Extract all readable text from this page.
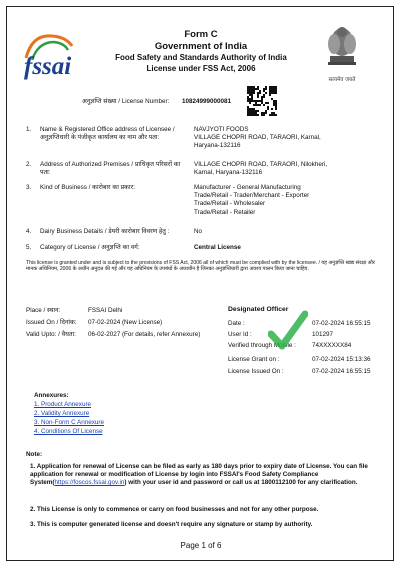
fssai
Form C
Government of India
Food Safety and Standards Authority of India
License under FSS Act, 2006
सत्यमेव जयते
अनुज्ञप्ति संख्या / License Number: 10824999000081
1. Name & Registered Office address of Licensee / अनुज्ञप्तिधारी के पंजीकृत कार्यालय का नाम और पता:
NAVJYOTI FOODS
VILLAGE CHOPRI ROAD, TARAORI, Karnal,
Haryana-132116
2. Address of Authorized Premises / प्राधिकृत परिसरों का पता:
VILLAGE CHOPRI ROAD, TARAORI, Nilokheri,
Karnal, Haryana-132116
3. Kind of Business / कारोबार का प्रकार:	Manufacturer - General Manufacturing
Trade/Retail - Trader/Merchant - Exporter
Trade/Retail - Wholesaler
Trade/Retail - Retailer
4. Dairy Business Details / डेयरी कारोबार विवरण हेतु :	No
5. Category of License / अनुज्ञप्ति का वर्ग:	Central License
This license is granted under and is subject to the provisions of FSS Act, 2006 all of which must be complied with by the licensee. / यह अनुज्ञप्ति खाद्य संरक्षा और मानक अधिनियम, 2006 के अधीन अनुदत्त की गई और यह अधिनियम के उपबंधों के अध्यधीन है जिनका अनुज्ञप्तिधारी द्वारा अवश्य पालन किया जाना चाहिए.
Place / स्थान:	FSSAI Delhi
Issued On / दिनांक: 07-02-2024 (New License)
Valid Upto: / वैधता: 06-02-2027 (For details, refer Annexure)
Designated Officer
Date :	07-02-2024 16:55:15
User Id :	101297
Verified through Mobile :	74XXXXXX84
License Grant on :	07-02-2024 15:13:36
License Issued On :	07-02-2024 16:55:15
Annexures:
1. Product Annexure
2. Validity Annexure
3. Non-Form C Annexure
4. Conditions Of License
Note:
1. Application for renewal of License can be filed as early as 180 days prior to expiry date of License. You can file application for renewal or modification of License by login into FSSAI's Food Safety Compliance System(https://foscos.fssai.gov.in) with your user id and password or call us at 1800112100 for any clarification.
2. This License is only to commence or carry on food businesses and not for any other purpose.
3. This is computer generated license and doesn't require any signature or stamp by authority.
Page 1 of 6
